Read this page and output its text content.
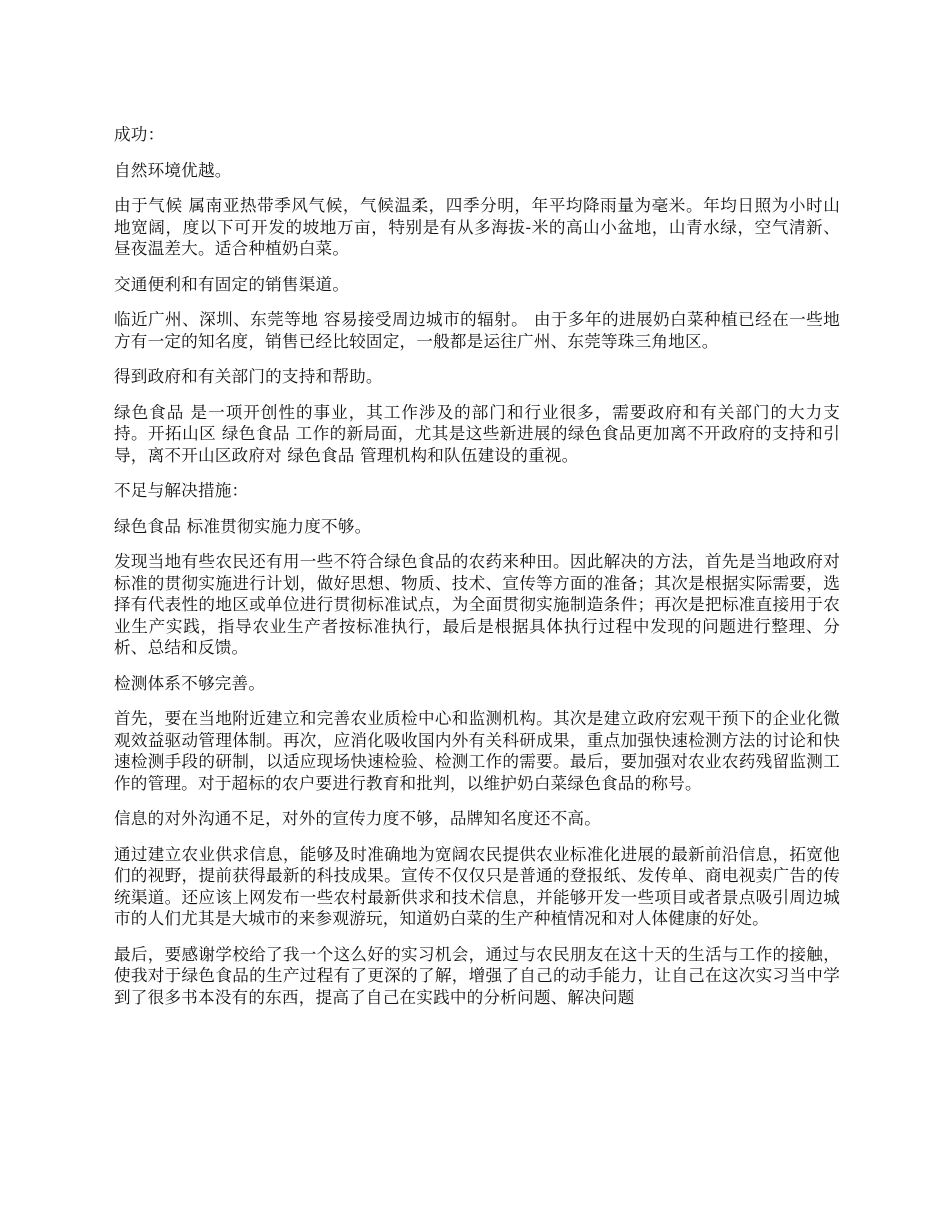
成功：

自然环境优越。

由于气候 属南亚热带季风气候，气候温柔，四季分明，年平均降雨量为毫米。年均日照为小时山地宽阔，度以下可开发的坡地万亩，特别是有从多海拔-米的高山小盆地，山青水绿，空气清新、昼夜温差大。适合种植奶白菜。

交通便利和有固定的销售渠道。

临近广州、深圳、东莞等地 容易接受周边城市的辐射。 由于多年的进展奶白菜种植已经在一些地方有一定的知名度，销售已经比较固定，一般都是运往广州、东莞等珠三角地区。

得到政府和有关部门的支持和帮助。

绿色食品 是一项开创性的事业，其工作涉及的部门和行业很多，需要政府和有关部门的大力支持。开拓山区 绿色食品 工作的新局面，尤其是这些新进展的绿色食品更加离不开政府的支持和引导，离不开山区政府对 绿色食品 管理机构和队伍建设的重视。

不足与解决措施：

绿色食品 标准贯彻实施力度不够。

发现当地有些农民还有用一些不符合绿色食品的农药来种田。因此解决的方法，首先是当地政府对标准的贯彻实施进行计划，做好思想、物质、技术、宣传等方面的准备；其次是根据实际需要，选择有代表性的地区或单位进行贯彻标准试点，为全面贯彻实施制造条件；再次是把标准直接用于农业生产实践，指导农业生产者按标准执行，最后是根据具体执行过程中发现的问题进行整理、分析、总结和反馈。

检测体系不够完善。

首先，要在当地附近建立和完善农业质检中心和监测机构。其次是建立政府宏观干预下的企业化微观效益驱动管理体制。再次，应消化吸收国内外有关科研成果，重点加强快速检测方法的讨论和快速检测手段的研制，以适应现场快速检验、检测工作的需要。最后，要加强对农业农药残留监测工作的管理。对于超标的农户要进行教育和批判，以维护奶白菜绿色食品的称号。

信息的对外沟通不足，对外的宣传力度不够，品牌知名度还不高。

通过建立农业供求信息，能够及时准确地为宽阔农民提供农业标准化进展的最新前沿信息，拓宽他们的视野，提前获得最新的科技成果。宣传不仅仅只是普通的登报纸、发传单、商电视卖广告的传统渠道。还应该上网发布一些农村最新供求和技术信息，并能够开发一些项目或者景点吸引周边城市的人们尤其是大城市的来参观游玩，知道奶白菜的生产种植情况和对人体健康的好处。

最后，要感谢学校给了我一个这么好的实习机会，通过与农民朋友在这十天的生活与工作的接触，使我对于绿色食品的生产过程有了更深的了解，增强了自己的动手能力，让自己在这次实习当中学到了很多书本没有的东西，提高了自己在实践中的分析问题、解决问题
